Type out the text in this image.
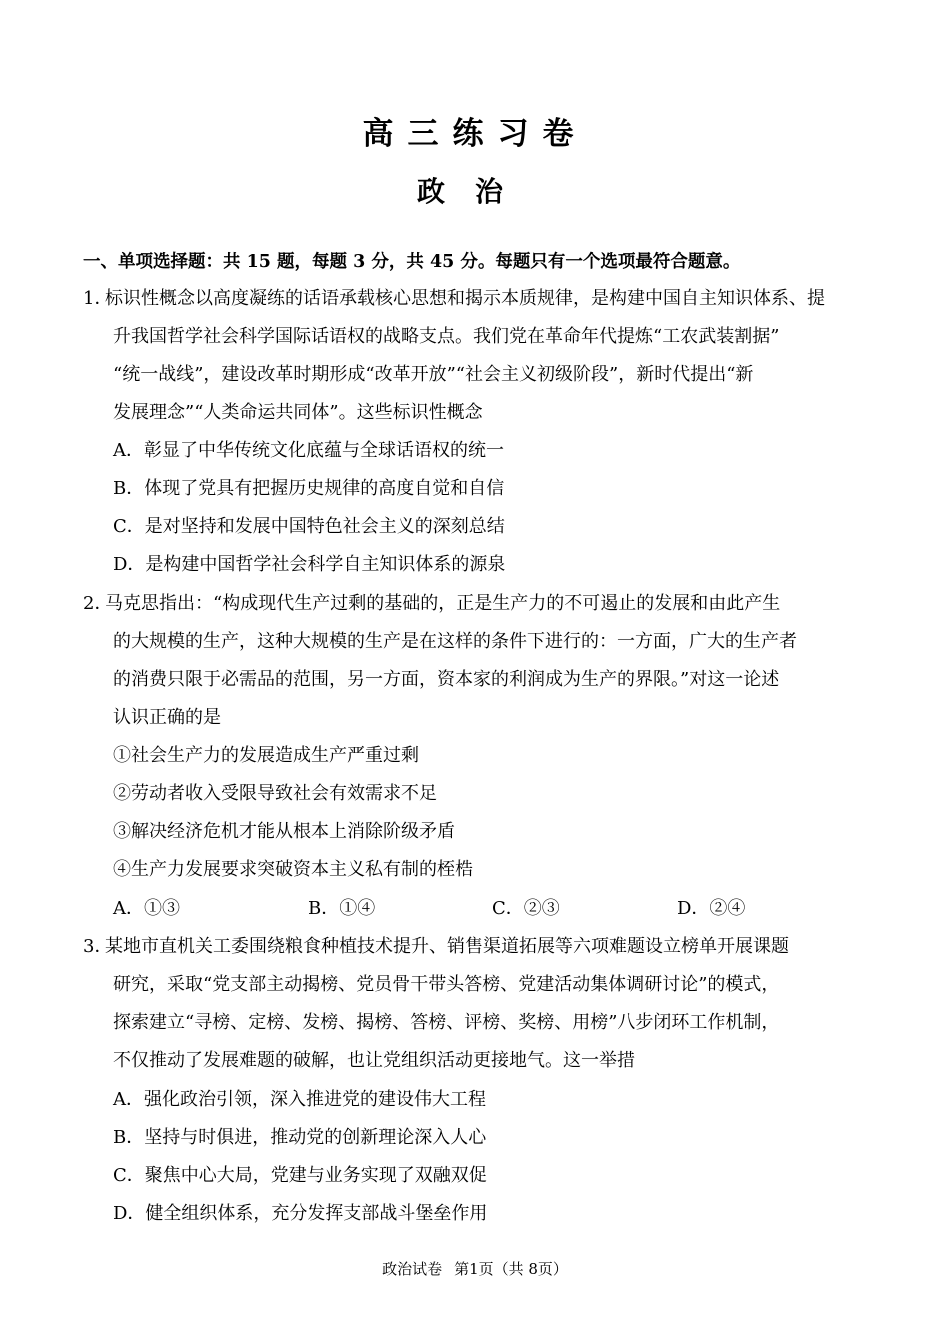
高三练习卷
政治
一、单项选择题：共 15 题，每题 3 分，共 45 分。每题只有一个选项最符合题意。
1．标识性概念以高度凝练的话语承载核心思想和揭示本质规律，是构建中国自主知识体系、提
升我国哲学社会科学国际话语权的战略支点。我们党在革命年代提炼“工农武装割据”
“统一战线”，建设改革时期形成“改革开放”“社会主义初级阶段”，新时代提出“新
发展理念”“人类命运共同体”。这些标识性概念
A．彰显了中华传统文化底蕴与全球话语权的统一
B．体现了党具有把握历史规律的高度自觉和自信
C．是对坚持和发展中国特色社会主义的深刻总结
D．是构建中国哲学社会科学自主知识体系的源泉
2．马克思指出：“构成现代生产过剩的基础的，正是生产力的不可遏止的发展和由此产生
的大规模的生产，这种大规模的生产是在这样的条件下进行的：一方面，广大的生产者
的消费只限于必需品的范围，另一方面，资本家的利润成为生产的界限。”对这一论述
认识正确的是
①社会生产力的发展造成生产严重过剩
②劳动者收入受限导致社会有效需求不足
③解决经济危机才能从根本上消除阶级矛盾
④生产力发展要求突破资本主义私有制的桎梏
A．①③	B．①④	C．②③	D．②④
3．某地市直机关工委围绕粮食种植技术提升、销售渠道拓展等六项难题设立榜单开展课题
研究，采取“党支部主动揭榜、党员骨干带头答榜、党建活动集体调研讨论”的模式，
探索建立“寻榜、定榜、发榜、揭榜、答榜、评榜、奖榜、用榜”八步闭环工作机制，
不仅推动了发展难题的破解，也让党组织活动更接地气。这一举措
A．强化政治引领，深入推进党的建设伟大工程
B．坚持与时俱进，推动党的创新理论深入人心
C．聚焦中心大局，党建与业务实现了双融双促
D．健全组织体系，充分发挥支部战斗堡垒作用
政治试卷 第1页（共 8页）
